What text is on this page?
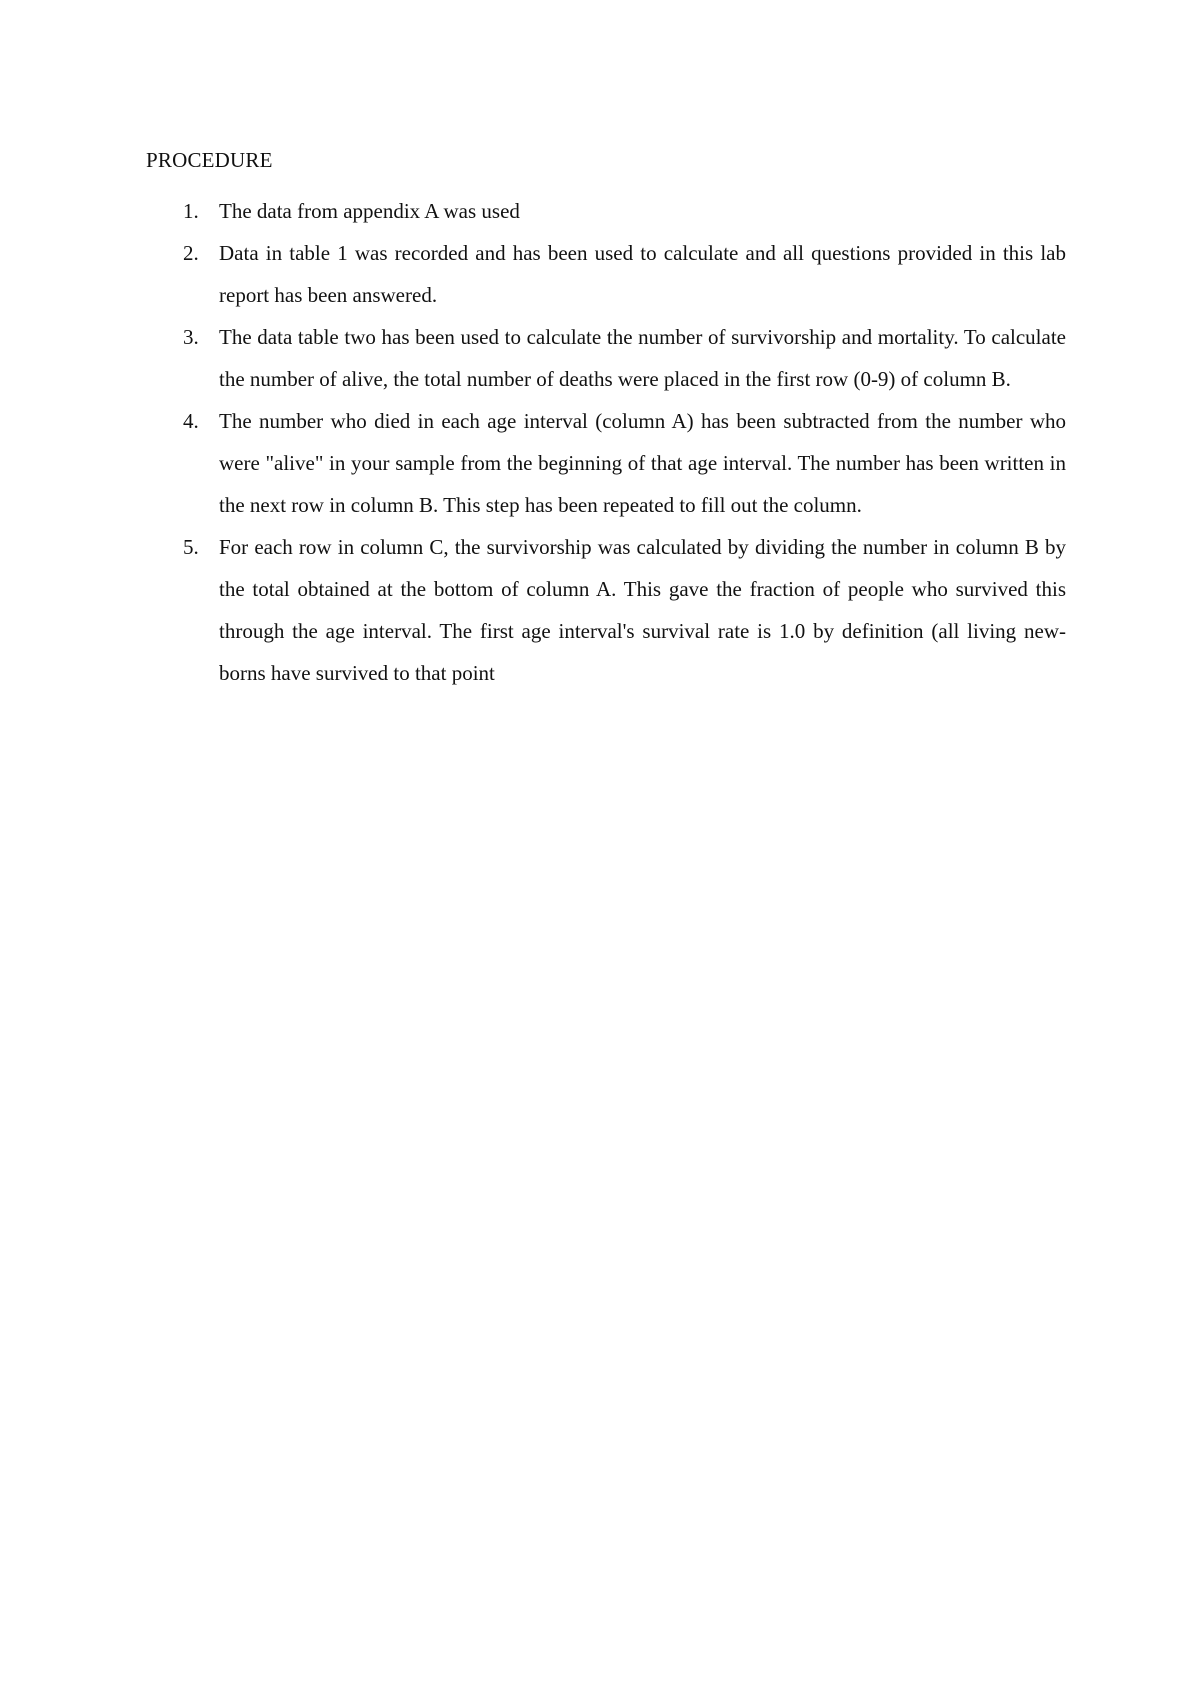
PROCEDURE
1. The data from appendix A was used
2. Data in table 1 was recorded and has been used to calculate and all questions provided in this lab report has been answered.
3. The data table two has been used to calculate the number of survivorship and mortality. To calculate the number of alive, the total number of deaths were placed in the first row (0-9) of column B.
4. The number who died in each age interval (column A) has been subtracted from the number who were "alive" in your sample from the beginning of that age interval. The number has been written in the next row in column B. This step has been repeated to fill out the column.
5. For each row in column C, the survivorship was calculated by dividing the number in column B by the total obtained at the bottom of column A. This gave the fraction of people who survived this through the age interval. The first age interval's survival rate is 1.0 by definition (all living new-borns have survived to that point
